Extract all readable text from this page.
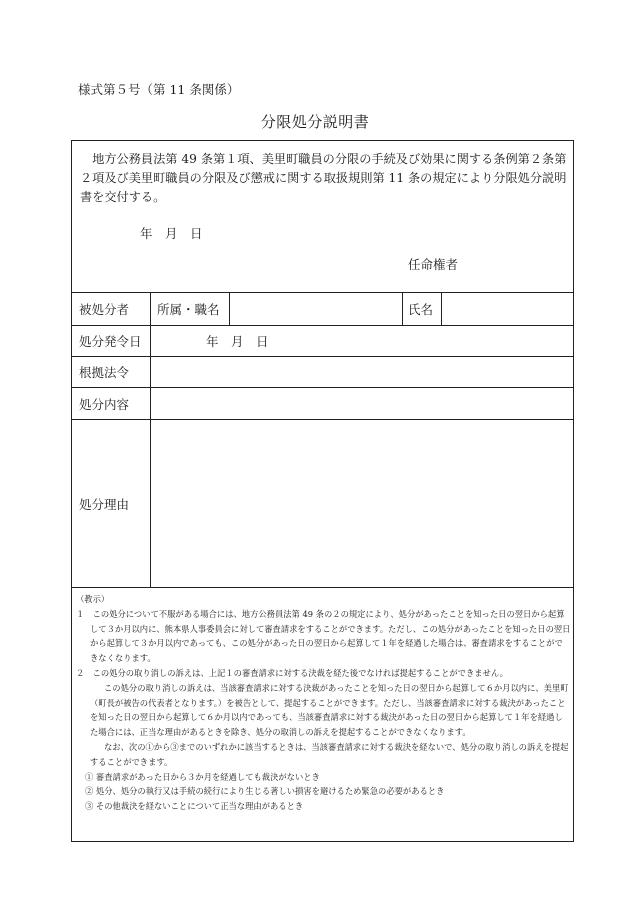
様式第５号（第 11 条関係）
分限処分説明書
地方公務員法第 49 条第１項、美里町職員の分限の手続及び効果に関する条例第２条第２項及び美里町職員の分限及び懲戒に関する取扱規則第 11 条の規定により分限処分説明書を交付する。
年　月　日
任命権者
被処分者 所属・職名	氏名
処分発令日	年　月　日
根拠法令
処分内容
処分理由
（教示）
１　この処分について不服がある場合には、地方公務員法第 49 条の２の規定により、処分があったことを知った日の翌日から起算して３か月以内に、熊本県人事委員会に対して審査請求をすることができます。ただし、この処分があったことを知った日の翌日から起算して３か月以内であっても、この処分があった日の翌日から起算して１年を経過した場合は、審査請求をすることができなくなります。
２　この処分の取り消しの訴えは、上記１の審査請求に対する決裁を経た後でなければ提起することができません。
この処分の取り消しの訴えは、当該審査請求に対する決裁があったことを知った日の翌日から起算して６か月以内に、美里町（町長が被告の代表者となります。）を被告として、提起することができます。ただし、当該審査請求に対する裁決があったことを知った日の翌日から起算して６か月以内であっても、当該審査請求に対する裁決があった日の翌日から起算して１年を経過した場合には、正当な理由があるときを除き、処分の取消しの訴えを提起することができなくなります。
なお、次の①から③までのいずれかに該当するときは、当該審査請求に対する裁決を経ないで、処分の取り消しの訴えを提起することができます。
① 審査請求があった日から３か月を経過しても裁決がないとき
② 処分、処分の執行又は手続の続行により生じる著しい損害を避けるため緊急の必要があるとき
③ その他裁決を経ないことについて正当な理由があるとき
